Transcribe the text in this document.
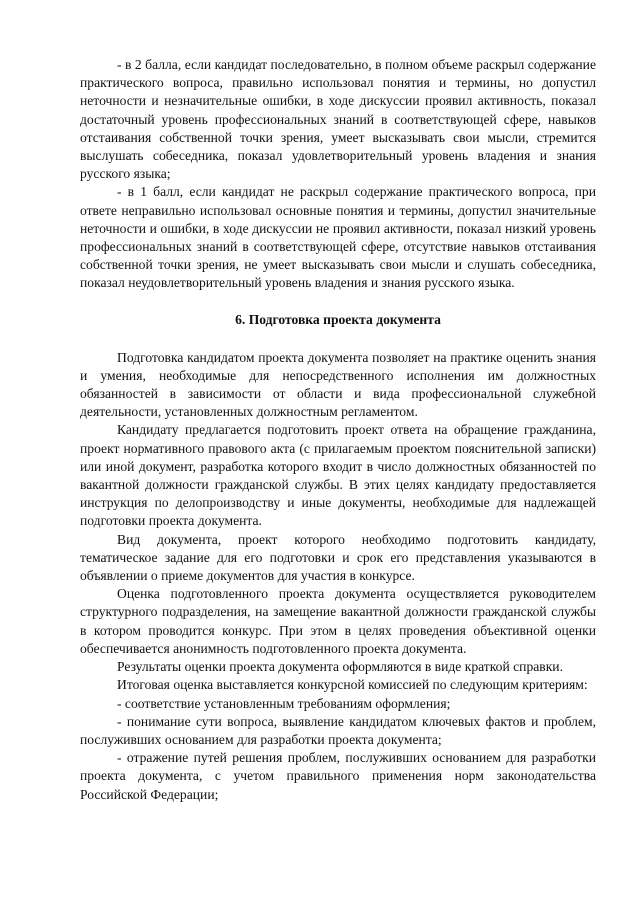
- в 2 балла, если кандидат последовательно, в полном объеме раскрыл содержание практического вопроса, правильно использовал понятия и термины, но допустил неточности и незначительные ошибки, в ходе дискуссии проявил активность, показал достаточный уровень профессиональных знаний в соответствующей сфере, навыков отстаивания собственной точки зрения, умеет высказывать свои мысли, стремится выслушать собеседника, показал удовлетворительный уровень владения и знания русского языка;

- в 1 балл, если кандидат не раскрыл содержание практического вопроса, при ответе неправильно использовал основные понятия и термины, допустил значительные неточности и ошибки, в ходе дискуссии не проявил активности, показал низкий уровень профессиональных знаний в соответствующей сфере, отсутствие навыков отстаивания собственной точки зрения, не умеет высказывать свои мысли и слушать собеседника, показал неудовлетворительный уровень владения и знания русского языка.

6. Подготовка проекта документа

Подготовка кандидатом проекта документа позволяет на практике оценить знания и умения, необходимые для непосредственного исполнения им должностных обязанностей в зависимости от области и вида профессиональной служебной деятельности, установленных должностным регламентом.

Кандидату предлагается подготовить проект ответа на обращение гражданина, проект нормативного правового акта (с прилагаемым проектом пояснительной записки) или иной документ, разработка которого входит в число должностных обязанностей по вакантной должности гражданской службы. В этих целях кандидату предоставляется инструкция по делопроизводству и иные документы, необходимые для надлежащей подготовки проекта документа.

Вид документа, проект которого необходимо подготовить кандидату, тематическое задание для его подготовки и срок его представления указываются в объявлении о приеме документов для участия в конкурсе.

Оценка подготовленного проекта документа осуществляется руководителем структурного подразделения, на замещение вакантной должности гражданской службы в котором проводится конкурс. При этом в целях проведения объективной оценки обеспечивается анонимность подготовленного проекта документа.

Результаты оценки проекта документа оформляются в виде краткой справки.

Итоговая оценка выставляется конкурсной комиссией по следующим критериям:

- соответствие установленным требованиям оформления;

- понимание сути вопроса, выявление кандидатом ключевых фактов и проблем, послуживших основанием для разработки проекта документа;

- отражение путей решения проблем, послуживших основанием для разработки проекта документа, с учетом правильного применения норм законодательства Российской Федерации;
